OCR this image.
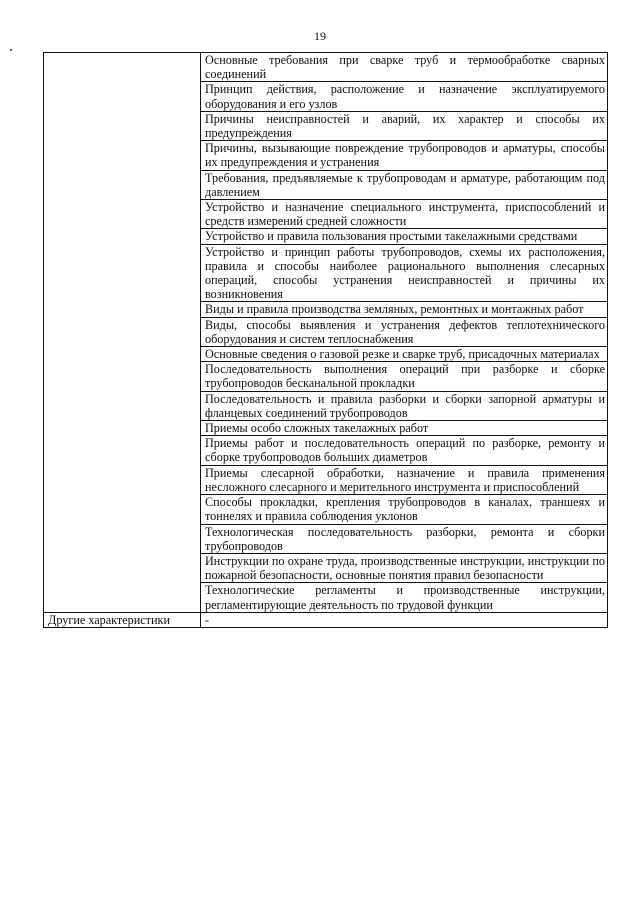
19
	Основные требования при сварке труб и термообработке сварных соединений
	Принцип действия, расположение и назначение эксплуатируемого оборудования и его узлов
	Причины неисправностей и аварий, их характер и способы их предупреждения
	Причины, вызывающие повреждение трубопроводов и арматуры, способы их предупреждения и устранения
	Требования, предъявляемые к трубопроводам и арматуре, работающим под давлением
	Устройство и назначение специального инструмента, приспособлений и средств измерений средней сложности
	Устройство и правила пользования простыми такелажными средствами
	Устройство и принцип работы трубопроводов, схемы их расположения, правила и способы наиболее рационального выполнения слесарных операций, способы устранения неисправностей и причины их возникновения
	Виды и правила производства земляных, ремонтных и монтажных работ
	Виды, способы выявления и устранения дефектов теплотехнического оборудования и систем теплоснабжения
	Основные сведения о газовой резке и сварке труб, присадочных материалах
	Последовательность выполнения операций при разборке и сборке трубопроводов бесканальной прокладки
	Последовательность и правила разборки и сборки запорной арматуры и фланцевых соединений трубопроводов
	Приемы особо сложных такелажных работ
	Приемы работ и последовательность операций по разборке, ремонту и сборке трубопроводов больших диаметров
	Приемы слесарной обработки, назначение и правила применения несложного слесарного и мерительного инструмента и приспособлений
	Способы прокладки, крепления трубопроводов в каналах, траншеях и тоннелях и правила соблюдения уклонов
	Технологическая последовательность разборки, ремонта и сборки трубопроводов
	Инструкции по охране труда, производственные инструкции, инструкции по пожарной безопасности, основные понятия правил безопасности
	Технологические регламенты и производственные инструкции, регламентирующие деятельность по трудовой функции
Другие характеристики	-
